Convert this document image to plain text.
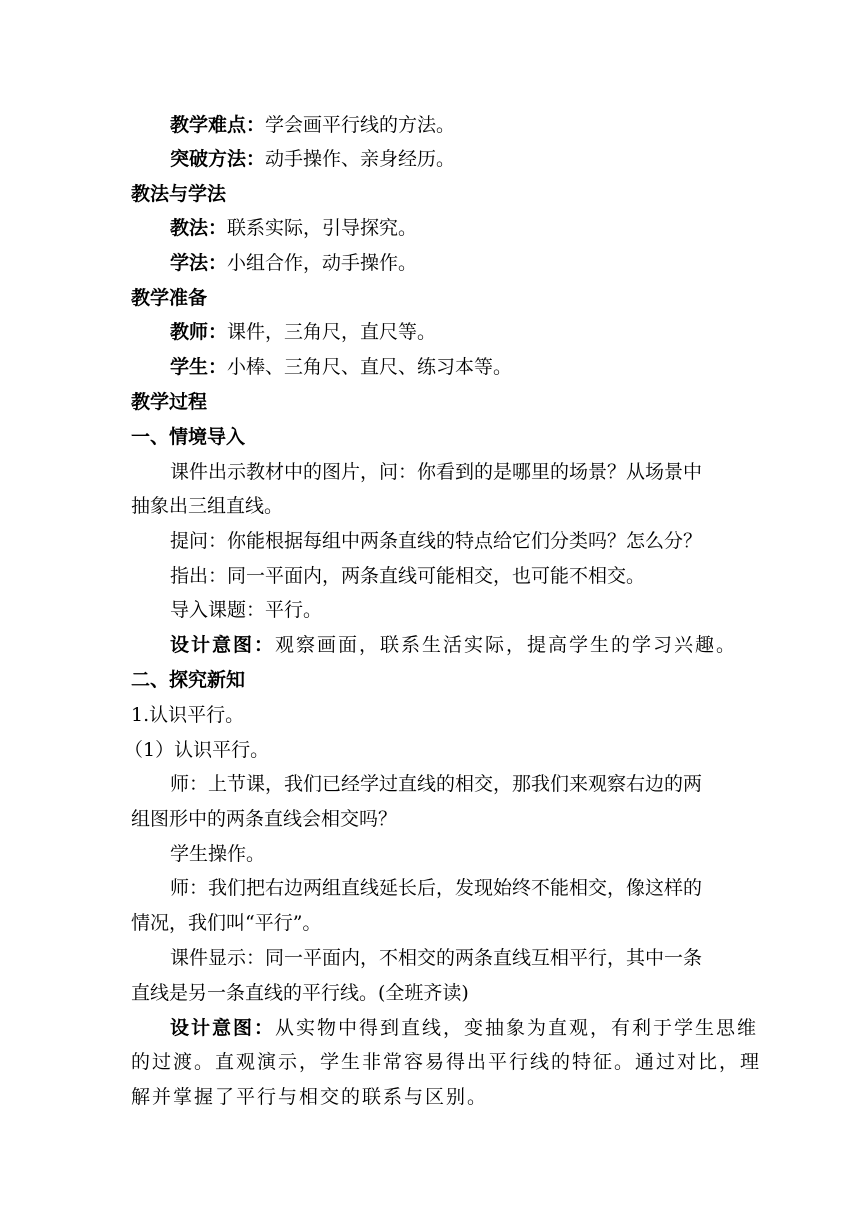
教学难点：学会画平行线的方法。
突破方法：动手操作、亲身经历。
教法与学法
教法：联系实际，引导探究。
学法：小组合作，动手操作。
教学准备
教师：课件，三角尺，直尺等。
学生：小棒、三角尺、直尺、练习本等。
教学过程
一、情境导入
课件出示教材中的图片，问：你看到的是哪里的场景？从场景中
抽象出三组直线。
提问：你能根据每组中两条直线的特点给它们分类吗？怎么分？
指出：同一平面内，两条直线可能相交，也可能不相交。
导入课题：平行。
设计意图：观察画面，联系生活实际，提高学生的学习兴趣。
二、探究新知
1.认识平行。
（1）认识平行。
师：上节课，我们已经学过直线的相交，那我们来观察右边的两
组图形中的两条直线会相交吗？
学生操作。
师：我们把右边两组直线延长后，发现始终不能相交，像这样的
情况，我们叫“平行”。
课件显示：同一平面内，不相交的两条直线互相平行，其中一条
直线是另一条直线的平行线。(全班齐读)
设计意图：从实物中得到直线，变抽象为直观，有利于学生思维
的过渡。直观演示，学生非常容易得出平行线的特征。通过对比，理
解并掌握了平行与相交的联系与区别。
